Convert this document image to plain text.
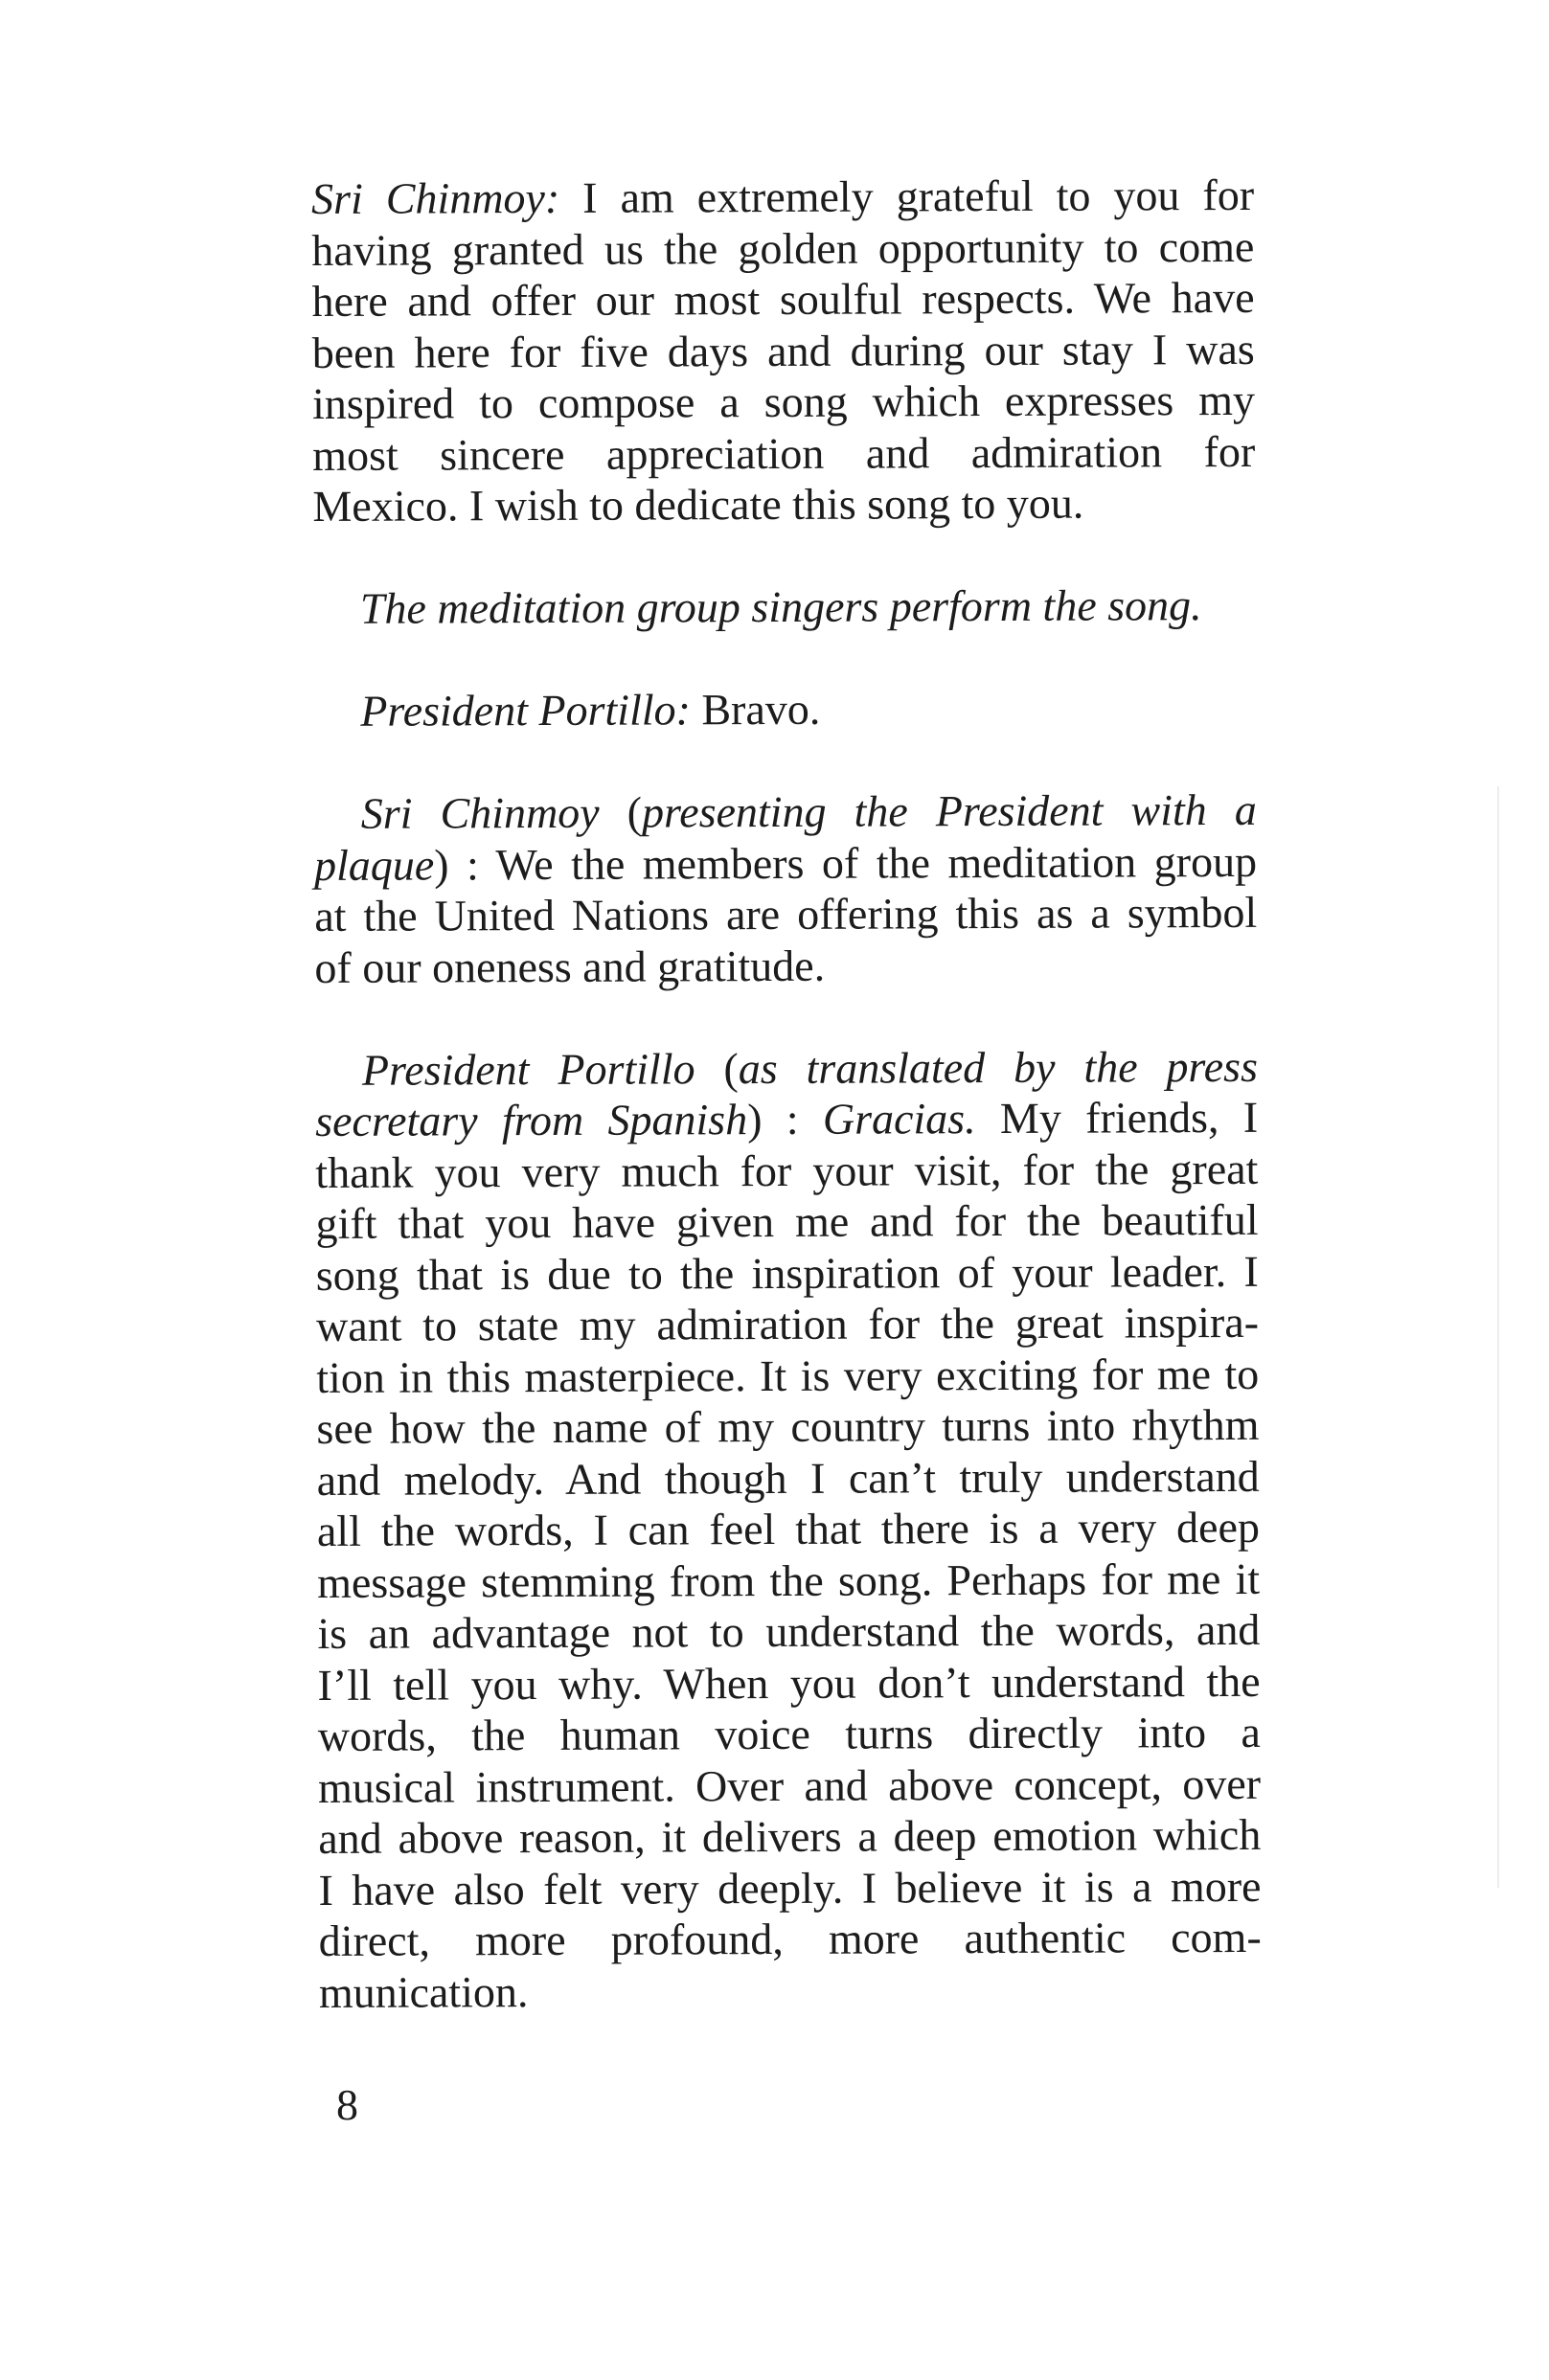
Sri Chinmoy: I am extremely grateful to you for
having granted us the golden opportunity to come
here and offer our most soulful respects. We have
been here for five days and during our stay I was
inspired to compose a song which expresses my
most sincere appreciation and admiration for
Mexico. I wish to dedicate this song to you.
The meditation group singers perform the song.
President Portillo: Bravo.
Sri Chinmoy (presenting the President with a
plaque) : We the members of the meditation group
at the United Nations are offering this as a symbol
of our oneness and gratitude.
President Portillo (as translated by the press
secretary from Spanish) : Gracias. My friends, I
thank you very much for your visit, for the great
gift that you have given me and for the beautiful
song that is due to the inspiration of your leader. I
want to state my admiration for the great inspira-
tion in this masterpiece. It is very exciting for me to
see how the name of my country turns into rhythm
and melody. And though I can’t truly understand
all the words, I can feel that there is a very deep
message stemming from the song. Perhaps for me it
is an advantage not to understand the words, and
I’ll tell you why. When you don’t understand the
words, the human voice turns directly into a
musical instrument. Over and above concept, over
and above reason, it delivers a deep emotion which
I have also felt very deeply. I believe it is a more
direct, more profound, more authentic com-
munication.
8
